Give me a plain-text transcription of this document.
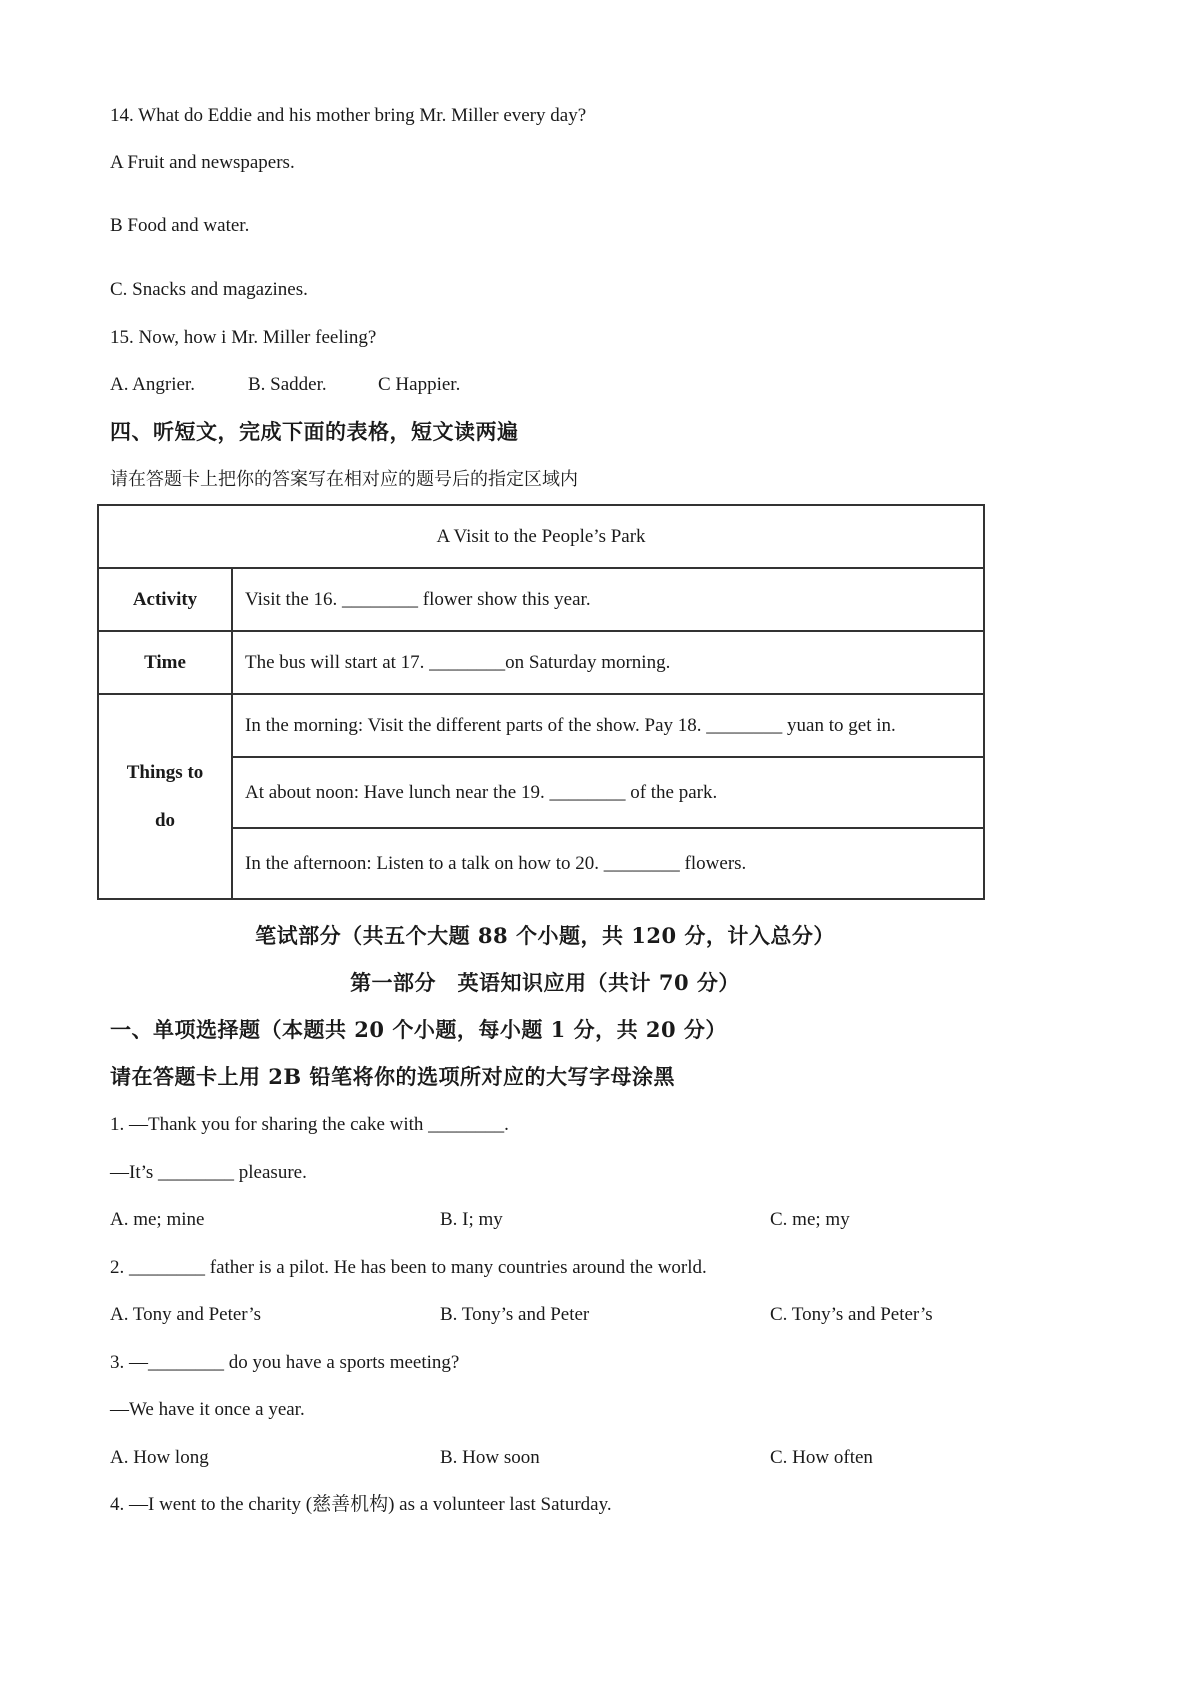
14. What do Eddie and his mother bring Mr. Miller every day?
A Fruit and newspapers.
B Food and water.
C. Snacks and magazines.
15. Now, how i Mr. Miller feeling?
A. Angrier.	B. Sadder.	C Happier.
四、听短文，完成下面的表格，短文读两遍
请在答题卡上把你的答案写在相对应的题号后的指定区域内
A Visit to the People’s Park	
Activity	Visit the 16. ________ flower show this year.
Time	The bus will start at 17. ________on Saturday morning.
Things to
do	In the morning: Visit the different parts of the show. Pay 18. ________ yuan to get in.
	At about noon: Have lunch near the 19. ________ of the park.
	In the afternoon: Listen to a talk on how to 20. ________ flowers.
笔试部分（共五个大题 88 个小题，共 120 分，计入总分）
第一部分　英语知识应用（共计 70 分）
一、单项选择题（本题共 20 个小题，每小题 1 分，共 20 分）
请在答题卡上用 2B 铅笔将你的选项所对应的大写字母涂黑
1. —Thank you for sharing the cake with ________.
—It’s ________ pleasure.
A. me; mine	B. I; my	C. me; my
2. ________ father is a pilot. He has been to many countries around the world.
A. Tony and Peter’s	B. Tony’s and Peter	C. Tony’s and Peter’s
3. —________ do you have a sports meeting?
—We have it once a year.
A. How long	B. How soon	C. How often
4. —I went to the charity (慈善机构) as a volunteer last Saturday.
